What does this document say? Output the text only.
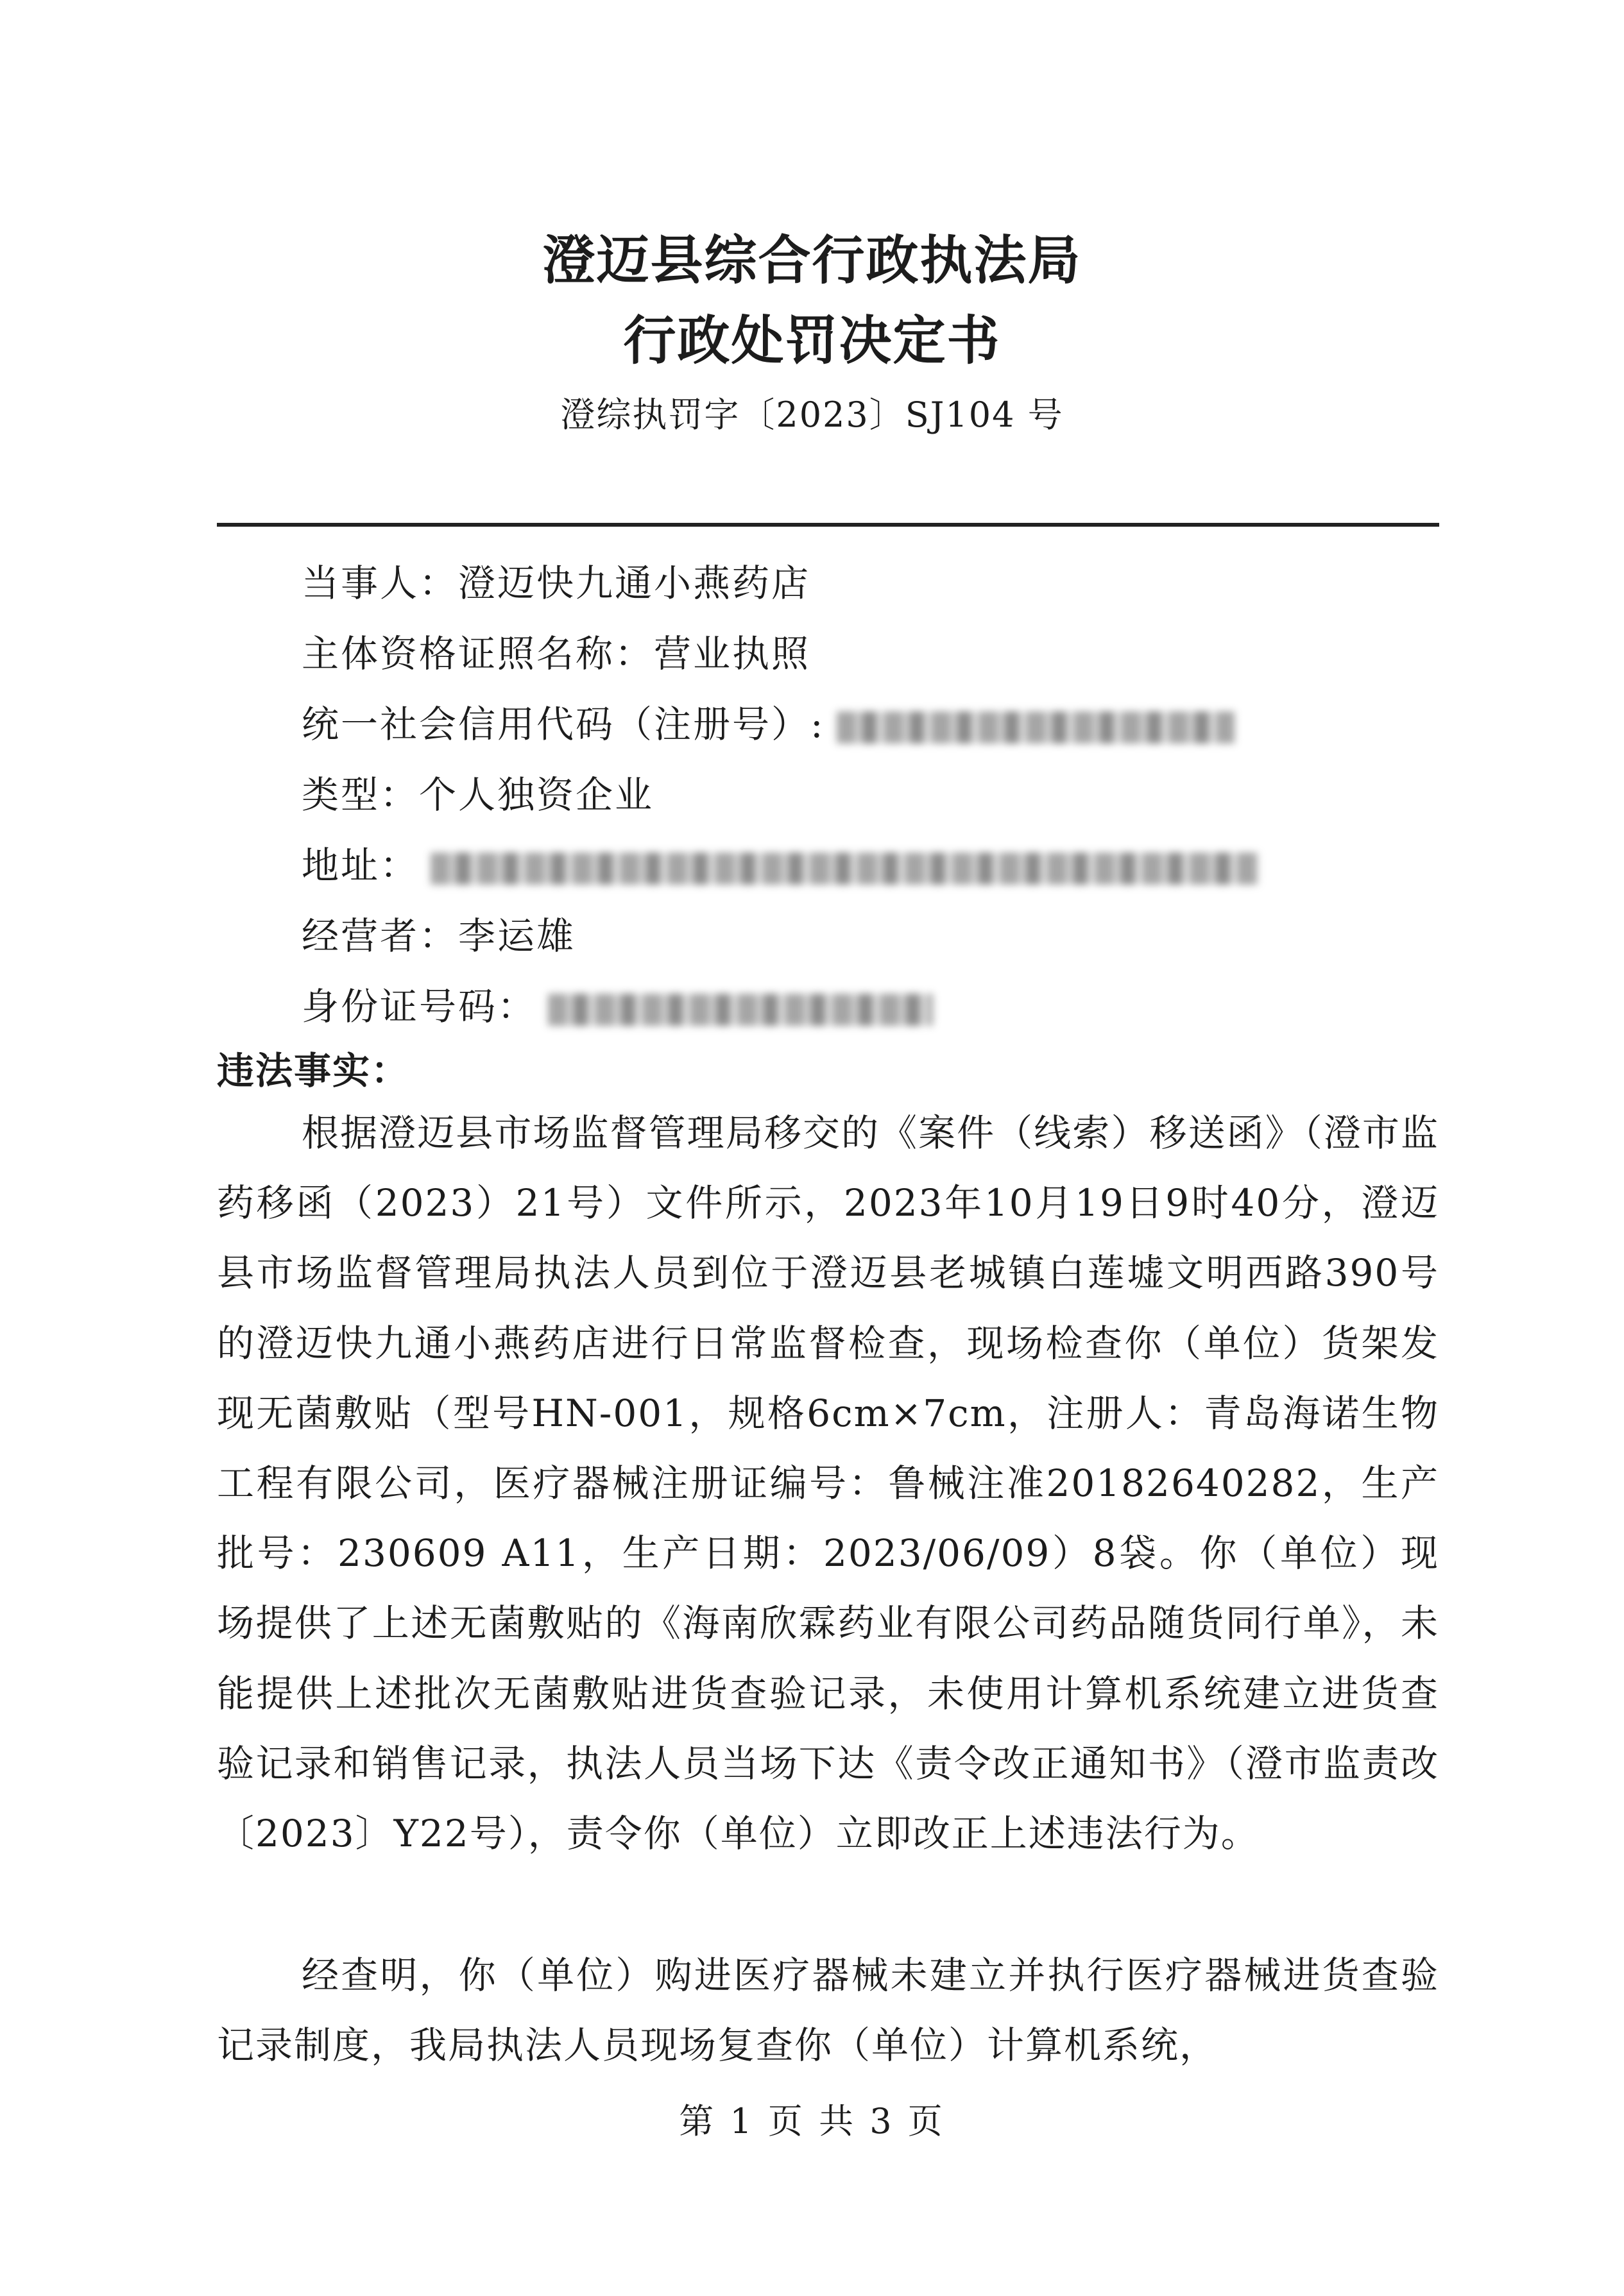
澄迈县综合行政执法局
行政处罚决定书
澄综执罚字〔2023〕SJ104 号
当事人：澄迈快九通小燕药店
主体资格证照名称：营业执照
统一社会信用代码（注册号）:
类型：个人独资企业
地址：
经营者：李运雄
身份证号码：
违法事实：
根据澄迈县市场监督管理局移交的《案件（线索）移送函》（澄市监药移函（2023）21号）文件所示，2023年10月19日9时40分，澄迈县市场监督管理局执法人员到位于澄迈县老城镇白莲墟文明西路390号的澄迈快九通小燕药店进行日常监督检查，现场检查你（单位）货架发现无菌敷贴（型号HN-001，规格6cm×7cm，注册人：青岛海诺生物工程有限公司，医疗器械注册证编号：鲁械注准20182640282，生产批号：230609 A11，生产日期：2023/06/09）8袋。你（单位）现场提供了上述无菌敷贴的《海南欣霖药业有限公司药品随货同行单》，未能提供上述批次无菌敷贴进货查验记录，未使用计算机系统建立进货查验记录和销售记录，执法人员当场下达《责令改正通知书》（澄市监责改〔2023〕Y22号），责令你（单位）立即改正上述违法行为。
经查明，你（单位）购进医疗器械未建立并执行医疗器械进货查验记录制度，我局执法人员现场复查你（单位）计算机系统，
第 1 页 共 3 页
